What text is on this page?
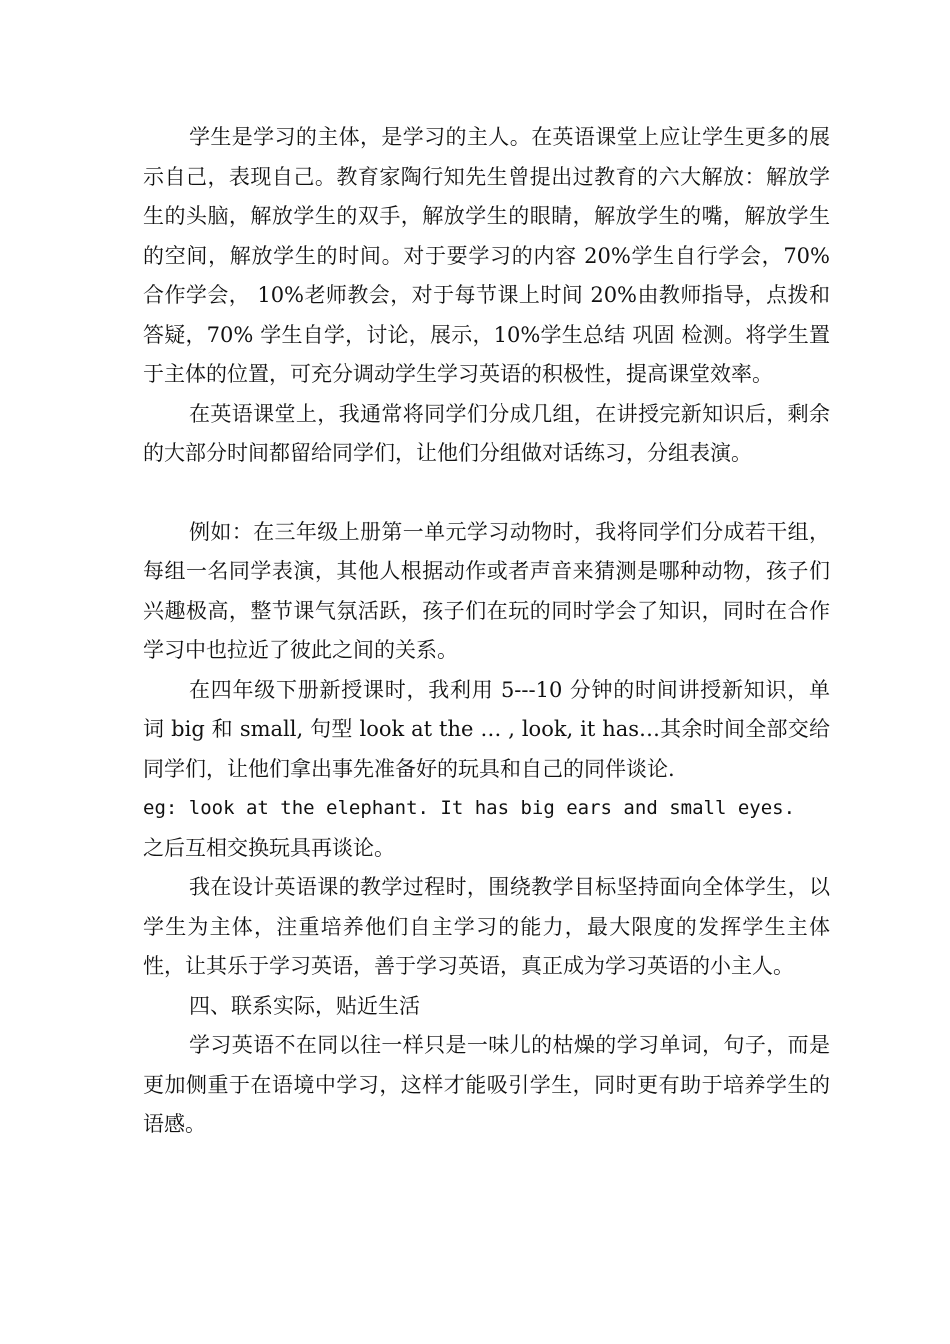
学生是学习的主体，是学习的主人。在英语课堂上应让学生更多的展示自己，表现自己。教育家陶行知先生曾提出过教育的六大解放：解放学生的头脑，解放学生的双手，解放学生的眼睛，解放学生的嘴，解放学生的空间，解放学生的时间。对于要学习的内容 20%学生自行学会，70% 合作学会， 10%老师教会，对于每节课上时间 20%由教师指导，点拨和答疑，70% 学生自学，讨论，展示，10%学生总结 巩固 检测。将学生置于主体的位置，可充分调动学生学习英语的积极性，提高课堂效率。

在英语课堂上，我通常将同学们分成几组，在讲授完新知识后，剩余的大部分时间都留给同学们，让他们分组做对话练习，分组表演。

例如：在三年级上册第一单元学习动物时，我将同学们分成若干组，每组一名同学表演，其他人根据动作或者声音来猜测是哪种动物，孩子们兴趣极高，整节课气氛活跃，孩子们在玩的同时学会了知识，同时在合作学习中也拉近了彼此之间的关系。

在四年级下册新授课时，我利用 5---10 分钟的时间讲授新知识，单词 big 和 small, 句型 look at the … , look, it has…其余时间全部交给同学们，让他们拿出事先准备好的玩具和自己的同伴谈论.

eg: look at the elephant. It has big ears and small eyes.

之后互相交换玩具再谈论。

我在设计英语课的教学过程时，围绕教学目标坚持面向全体学生，以学生为主体，注重培养他们自主学习的能力，最大限度的发挥学生主体性，让其乐于学习英语，善于学习英语，真正成为学习英语的小主人。

四、联系实际，贴近生活

学习英语不在同以往一样只是一味儿的枯燥的学习单词，句子，而是更加侧重于在语境中学习，这样才能吸引学生，同时更有助于培养学生的语感。
